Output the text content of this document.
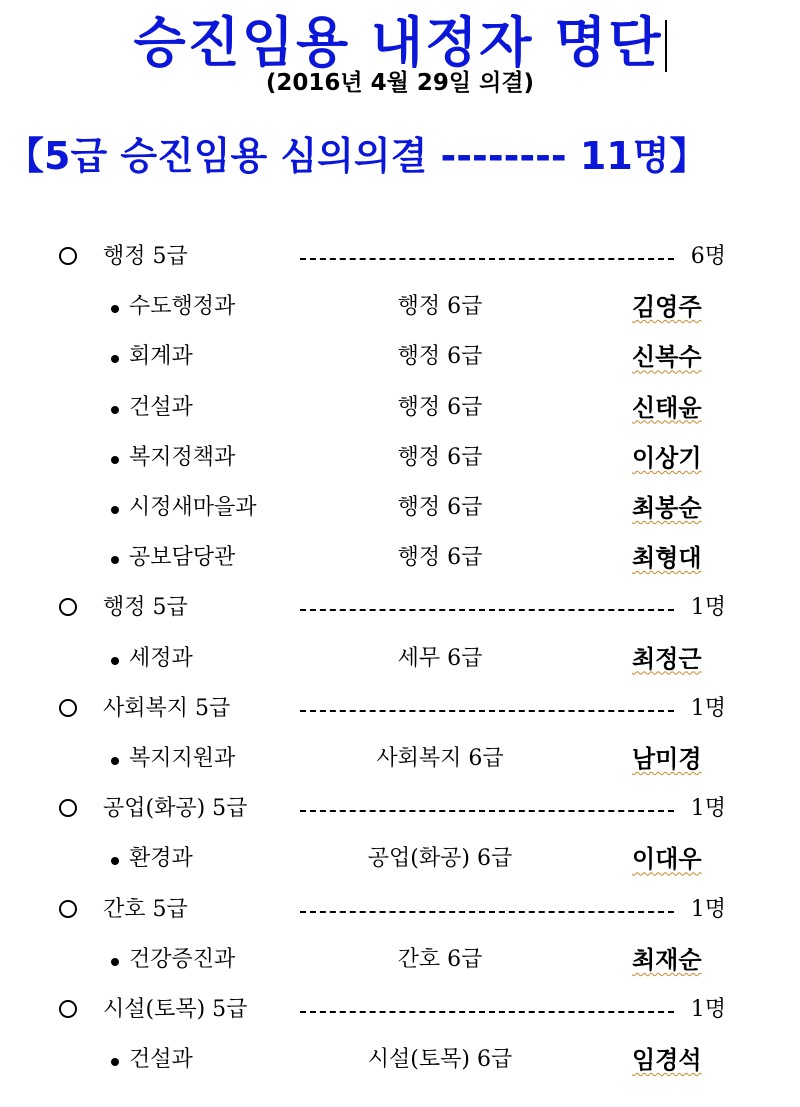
승진임용 내정자 명단
(2016년 4월 29일 의결)
【5급 승진임용 심의의결 -------- 11명】
행정 5급	6명
수도행정과	행정 6급	김영주
회계과	행정 6급	신복수
건설과	행정 6급	신태윤
복지정책과	행정 6급	이상기
시정새마을과	행정 6급	최봉순
공보담당관	행정 6급	최형대
행정 5급	1명
세정과	세무 6급	최정근
사회복지 5급	1명
복지지원과	사회복지 6급	남미경
공업(화공) 5급	1명
환경과	공업(화공) 6급	이대우
간호 5급	1명
건강증진과	간호 6급	최재순
시설(토목) 5급	1명
건설과	시설(토목) 6급	임경석
